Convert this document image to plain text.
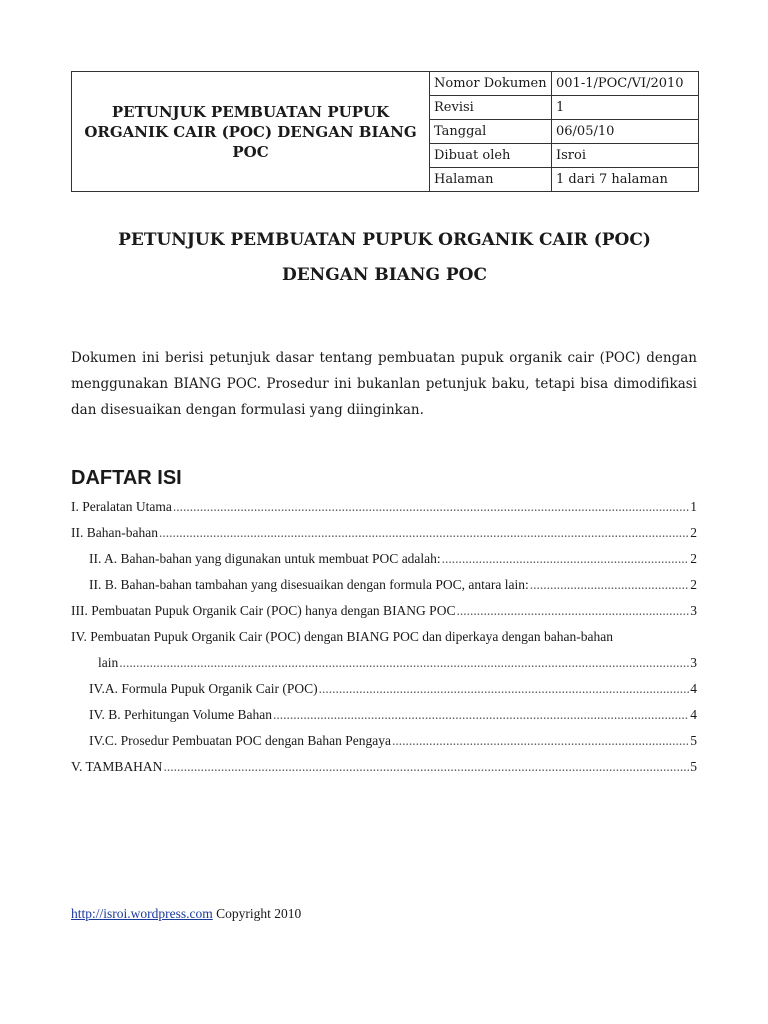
PETUNJUK PEMBUATAN PUPUK ORGANIK CAIR (POC) DENGAN BIANG POC	Nomor Dokumen	001-1/POC/VI/2010
	Revisi	1
	Tanggal	06/05/10
	Dibuat oleh	Isroi
	Halaman	1 dari 7 halaman
PETUNJUK PEMBUATAN PUPUK ORGANIK CAIR (POC)
DENGAN BIANG POC
Dokumen ini berisi petunjuk dasar tentang pembuatan pupuk organik cair (POC) dengan menggunakan BIANG POC. Prosedur ini bukanlan petunjuk baku, tetapi bisa dimodifikasi dan disesuaikan dengan formulasi yang diinginkan.
DAFTAR ISI
I. Peralatan Utama .....	1
II. Bahan-bahan .....	2
II. A. Bahan-bahan yang digunakan untuk membuat POC adalah: .....	2
II. B. Bahan-bahan tambahan yang disesuaikan dengan formula POC, antara lain: .....	2
III. Pembuatan Pupuk Organik Cair (POC) hanya dengan BIANG POC .....	3
IV. Pembuatan Pupuk Organik Cair (POC) dengan BIANG POC dan diperkaya dengan bahan-bahan
lain .....	3
IV.A. Formula Pupuk Organik Cair (POC) .....	4
IV. B. Perhitungan Volume Bahan .....	4
IV.C. Prosedur Pembuatan POC dengan Bahan Pengaya .....	5
V. TAMBAHAN .....	5
http://isroi.wordpress.com Copyright 2010
